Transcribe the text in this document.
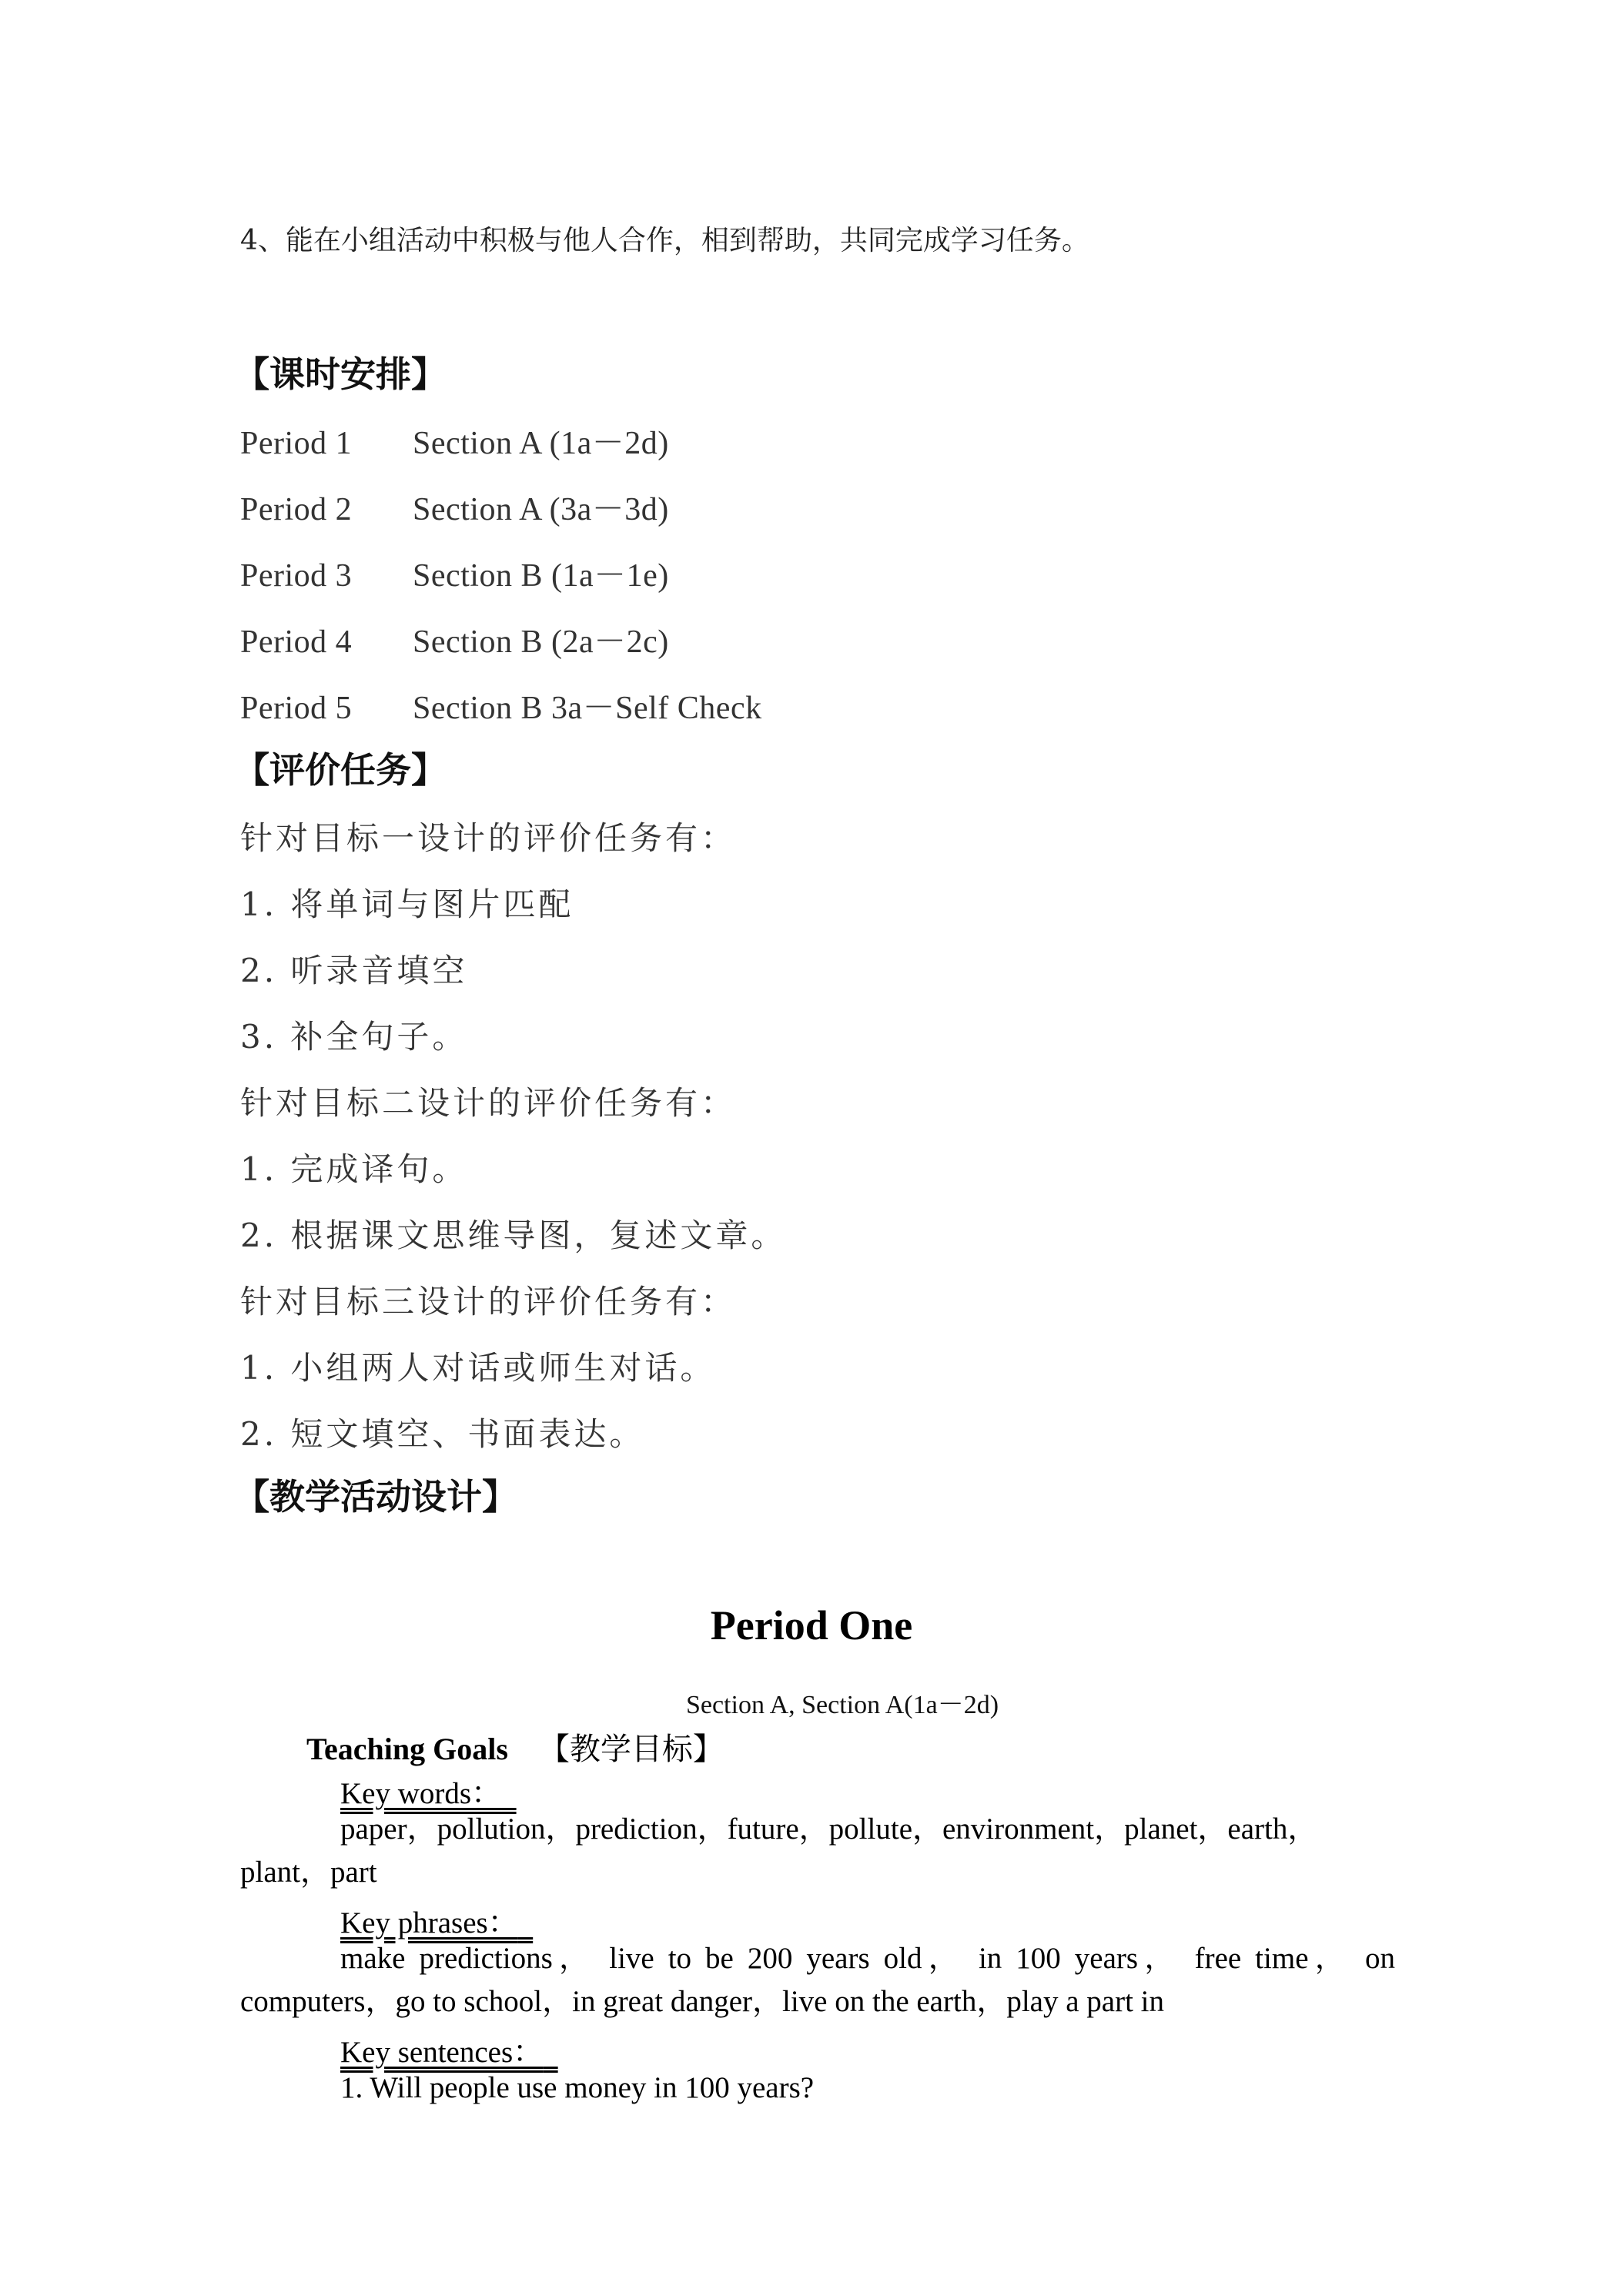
4、能在小组活动中积极与他人合作，相到帮助，共同完成学习任务。
【课时安排】
Period 1 Section A (1a－2d)
Period 2 Section A (3a－3d)
Period 3 Section B (1a－1e)
Period 4 Section B (2a－2c)
Period 5 Section B 3a－Self Check
【评价任务】
针对目标一设计的评价任务有：
1. 将单词与图片匹配
2. 听录音填空
3. 补全句子。
针对目标二设计的评价任务有：
1. 完成译句。
2. 根据课文思维导图，复述文章。
针对目标三设计的评价任务有：
1. 小组两人对话或师生对话。
2. 短文填空、书面表达。
【教学活动设计】
Period One
Section A, Section A(1a－2d)
Teaching Goals 【教学目标】
Key words：
paper，pollution，prediction，future，pollute，environment，planet，earth，
plant，part
Key phrases：
make predictions， live to be 200 years old， in 100 years， free time， on
computers，go to school，in great danger，live on the earth，play a part in
Key sentences：
1. Will people use money in 100 years?
